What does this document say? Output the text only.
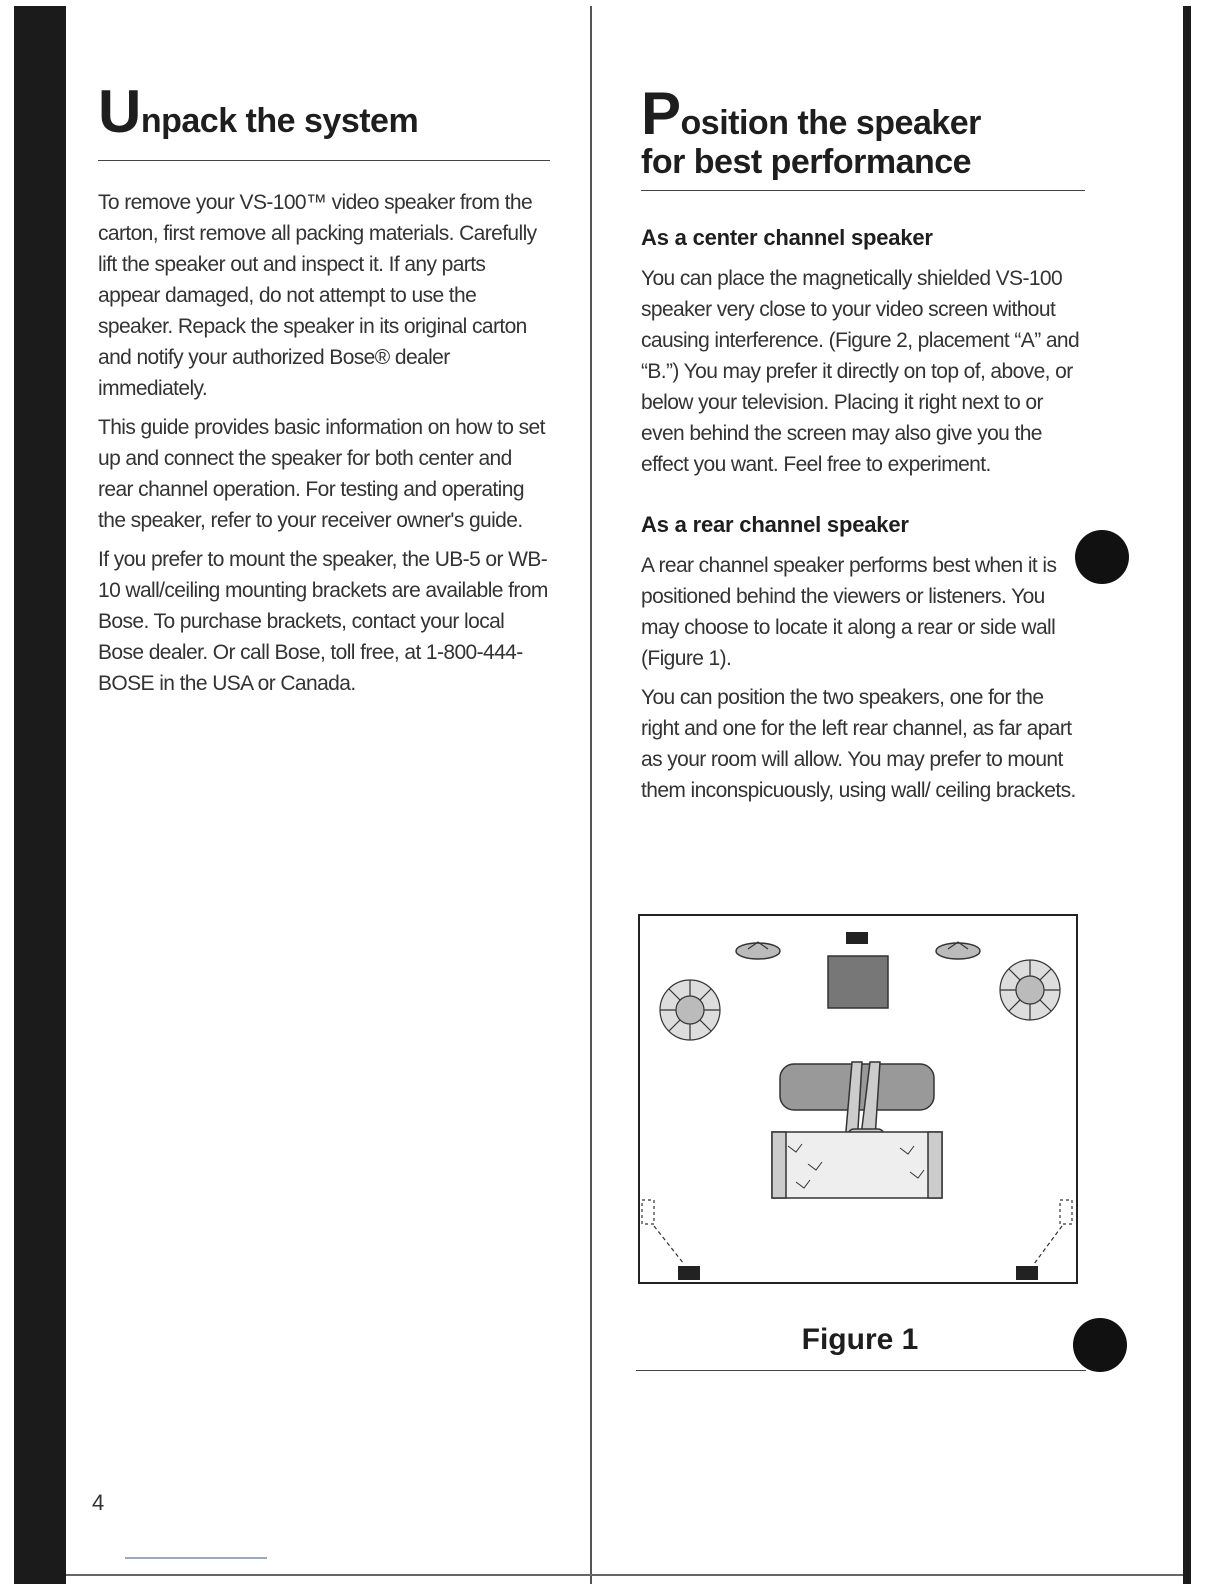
Unpack the system

To remove your VS-100™ video speaker from the carton, first remove all packing materials. Carefully lift the speaker out and inspect it. If any parts appear damaged, do not attempt to use the speaker. Repack the speaker in its original carton and notify your authorized Bose® dealer immediately.

This guide provides basic information on how to set up and connect the speaker for both center and rear channel operation. For testing and operating the speaker, refer to your receiver owner's guide.

If you prefer to mount the speaker, the UB-5 or WB-10 wall/ceiling mounting brackets are available from Bose. To purchase brackets, contact your local Bose dealer. Or call Bose, toll free, at 1-800-444-BOSE in the USA or Canada.

Position the speaker
for best performance
As a center channel speaker

You can place the magnetically shielded VS-100 speaker very close to your video screen without causing interference. (Figure 2, placement “A” and “B.”) You may prefer it directly on top of, above, or below your television. Placing it right next to or even behind the screen may also give you the effect you want. Feel free to experiment.

As a rear channel speaker

A rear channel speaker performs best when it is positioned behind the viewers or listeners. You may choose to locate it along a rear or side wall (Figure 1).

You can position the two speakers, one for the right and one for the left rear channel, as far apart as your room will allow. You may prefer to mount them inconspicuously, using wall/ ceiling brackets.

Figure 1
4
